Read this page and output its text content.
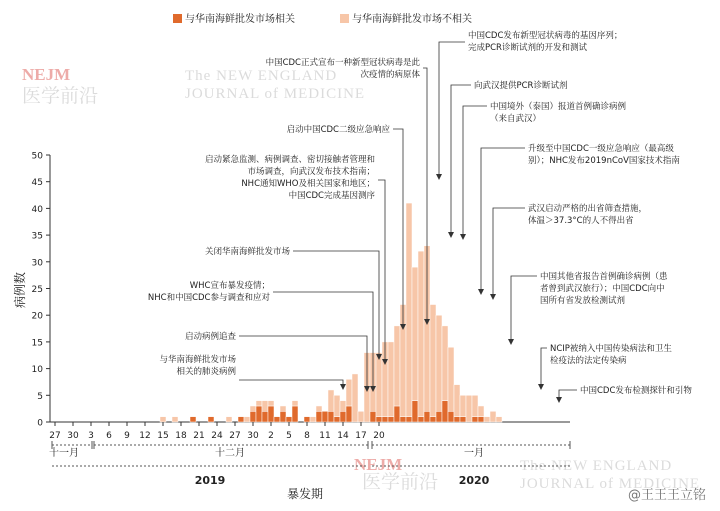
NEJM
医学前沿
The NEW ENGLAND
JOURNAL of MEDICINE
NEJM
医学前沿
The NEW ENGLAND
JOURNAL of MEDICINE
与华南海鲜批发市场相关	与华南海鲜批发市场不相关
0
5
10
15
20
25
30
35
40
45
50
27 30 3 6 9 12 15 18 21 24 27 30 2 5 8 11 14 17 20
十一月	十二月	一月
2019	2020
暴发期
病例数
与华南海鲜批发市场
相关的肺炎病例
启动病例追查
WHC宣布暴发疫情；
NHC和中国CDC参与调查和应对
关闭华南海鲜批发市场
启动紧急监测、病例调查、密切接触者管理和
市场调查，向武汉发布技术指南；
NHC通知WHO及相关国家和地区；
中国CDC完成基因测序
启动中国CDC二级应急响应
中国CDC正式宣布一种新型冠状病毒是此
次疫情的病原体
中国CDC发布新型冠状病毒的基因序列；
完成PCR诊断试剂的开发和测试
向武汉提供PCR诊断试剂
中国境外（泰国）报道首例确诊病例
（来自武汉）
升级至中国CDC一级应急响应（最高级
别）；NHC发布2019nCoV国家技术指南
武汉启动严格的出省筛查措施，
体温＞37.3°C的人不得出省
中国其他省报告首例确诊病例（患
者曾到武汉旅行）；中国CDC向中
国所有省发放检测试剂
NCIP被纳入中国传染病法和卫生
检疫法的法定传染病
中国CDC发布检测探针和引物
@王王王立铭
